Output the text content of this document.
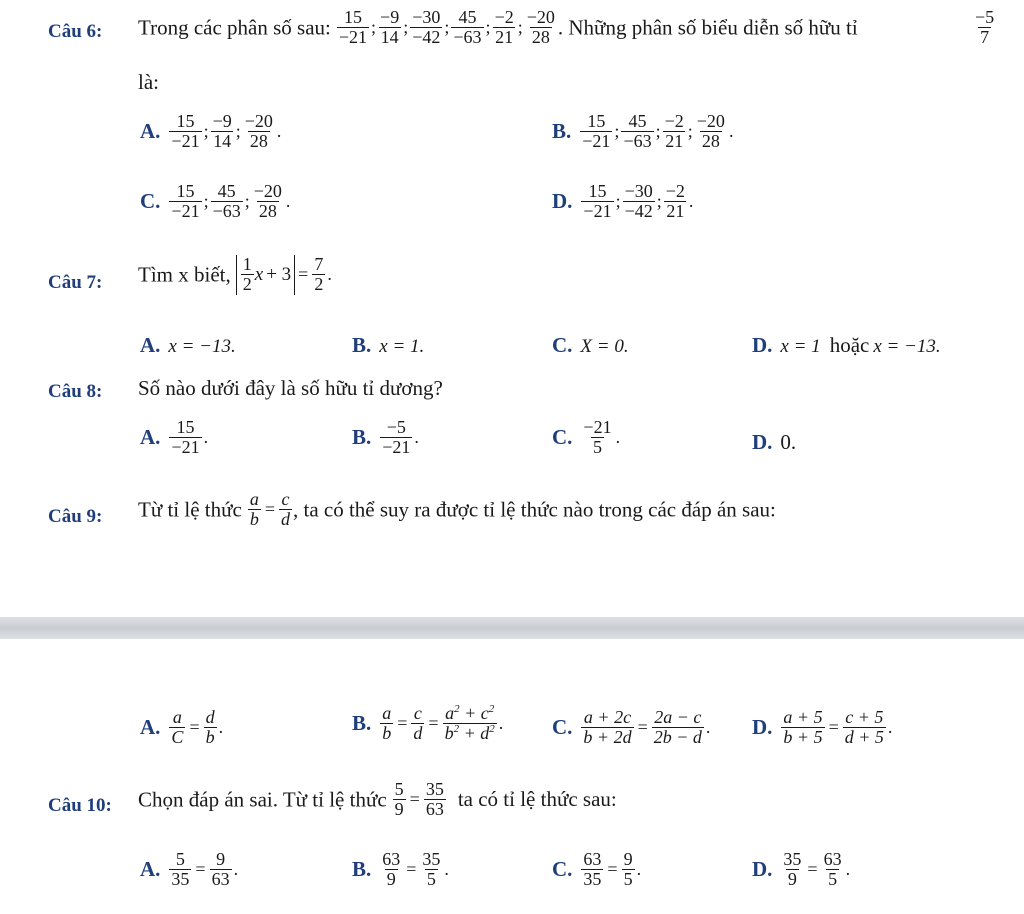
Câu 6: Trong các phân số sau: $\frac{15}{-21}$ ; $\frac{-9}{14}$ ; $\frac{-30}{-42}$ ; $\frac{45}{-63}$ ; $\frac{-2}{21}$ ; $\frac{-20}{28}$ . Những phân số biểu diễn số hữu tỉ	$\frac{-5}{7}$
là:
A. $\frac{15}{-21}$ ; $\frac{-9}{14}$ ; $\frac{-20}{28}$ .	B. $\frac{15}{-21}$ ; $\frac{45}{-63}$ ; $\frac{-2}{21}$ ; $\frac{-20}{28}$ .
C. $\frac{15}{-21}$ ; $\frac{45}{-63}$ ; $\frac{-20}{28}$ .	D. $\frac{15}{-21}$ ; $\frac{-30}{-42}$ ; $\frac{-2}{21}$ .
Câu 7: Tìm x biết, $\frac{1}{2}$ $x + 3 = \frac{7}{2}$ .
A. x = −13.	B. x = 1.	C. X = 0.	D. x = 1 hoặc x = −13.
Câu 8: Số nào dưới đây là số hữu tỉ dương?
A. $\frac{15}{-21}$ .	B. $\frac{-5}{-21}$ .	C. $\frac{-21}{5}$ .	D. 0.
Câu 9: Từ tỉ lệ thức $\frac{a}{b} = \frac{c}{d}$ , ta có thể suy ra được tỉ lệ thức nào trong các đáp án sau:
A. $\frac{a}{C} = \frac{d}{b}$ .	B. $\frac{a}{b} = \frac{c}{d} = \frac{a^2 + c^2}{b^2 + d^2}$ . C. $\frac{a + 2c}{b + 2d} = \frac{2a - c}{2b - d}$ . D. $\frac{a + 5}{b + 5} = \frac{c + 5}{d + 5}$ .
Câu 10: Chọn đáp án sai. Từ tỉ lệ thức $\frac{5}{9} = \frac{35}{63}$ ta có tỉ lệ thức sau:
A. $\frac{5}{35} = \frac{9}{63}$ .	B. $\frac{63}{9} = \frac{35}{5}$ .	C. $\frac{63}{35} = \frac{9}{5}$ .	D. $\frac{35}{9} = \frac{63}{5}$ .
